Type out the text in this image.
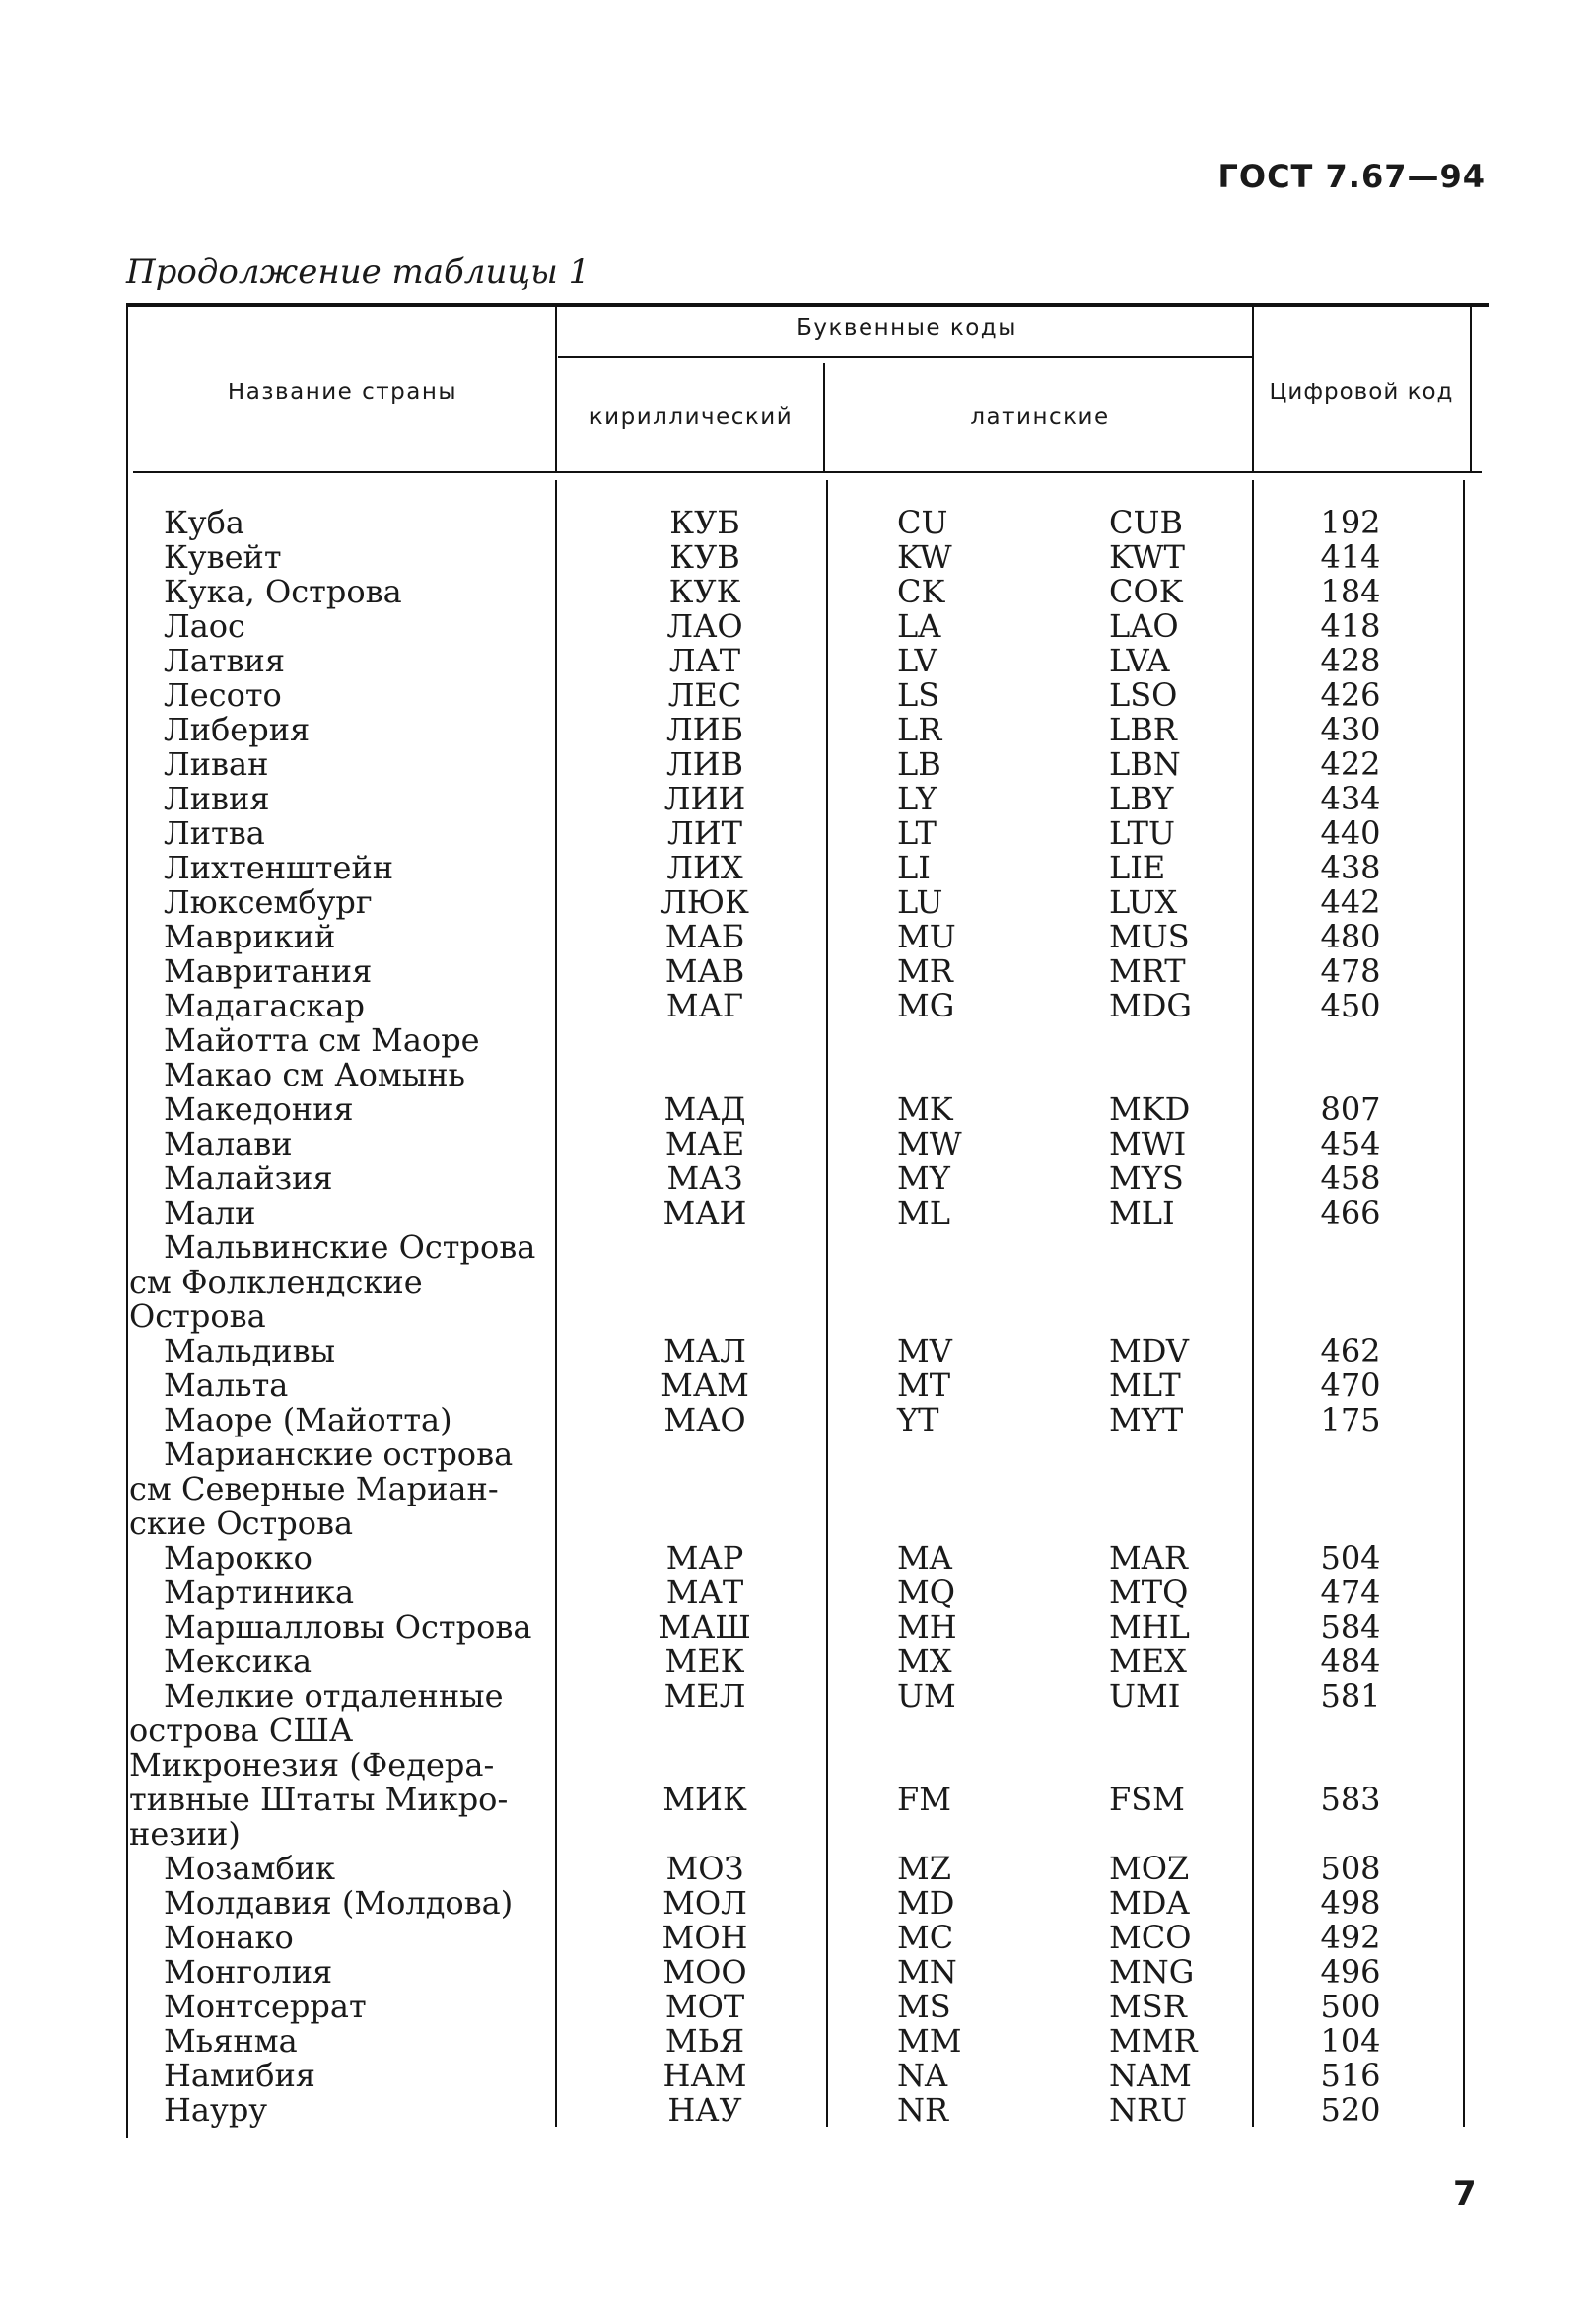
ГОСТ 7.67—94
Продолжение таблицы 1
Название страны
Буквенные коды
кириллический	латинские
Цифровой код
Куба	КУБ	CU	CUB	192
Кувейт	КУВ	KW	KWT	414
Кука, Острова	КУК	CK	COK	184
Лаос	ЛАО	LA	LAO	418
Латвия	ЛАТ	LV	LVA	428
Лесото	ЛЕС	LS	LSO	426
Либерия	ЛИБ	LR	LBR	430
Ливан	ЛИВ	LB	LBN	422
Ливия	ЛИИ	LY	LBY	434
Литва	ЛИТ	LT	LTU	440
Лихтенштейн	ЛИХ	LI	LIE	438
Люксембург	ЛЮК	LU	LUX	442
Маврикий	МАБ	MU	MUS	480
Мавритания	МАВ	MR	MRT	478
Мадагаскар	МАГ	MG	MDG	450
Майотта см Маоре
Макао см Аомынь
Македония	МАД	MK	MKD	807
Малави	МАЕ	MW	MWI	454
Малайзия	МАЗ	MY	MYS	458
Мали	МАИ	ML	MLI	466
Мальвинские Острова
см Фолклендские
Острова
Мальдивы	МАЛ	MV	MDV	462
Мальта	МАМ	MT	MLT	470
Маоре (Майотта)	МАО	YT	MYT	175
Марианские острова
см Северные Мариан-
ские Острова
Марокко	МАР	MA	MAR	504
Мартиника	МАТ	MQ	MTQ	474
Маршалловы Острова	МАШ	MH	MHL	584
Мексика	МЕК	MX	MEX	484
Мелкие отдаленные	МЕЛ	UM	UMI	581
острова США
Микронезия (Федера-
тивные Штаты Микро-	МИК	FM	FSM	583
незии)
Мозамбик	МОЗ	MZ	MOZ	508
Молдавия (Молдова)	МОЛ	MD	MDA	498
Монако	МОН	MC	MCO	492
Монголия	МОО	MN	MNG	496
Монтсеррат	МОТ	MS	MSR	500
Мьянма	МЬЯ	MM	MMR	104
Намибия	НАМ	NA	NAM	516
Науру	НАУ	NR	NRU	520
7
